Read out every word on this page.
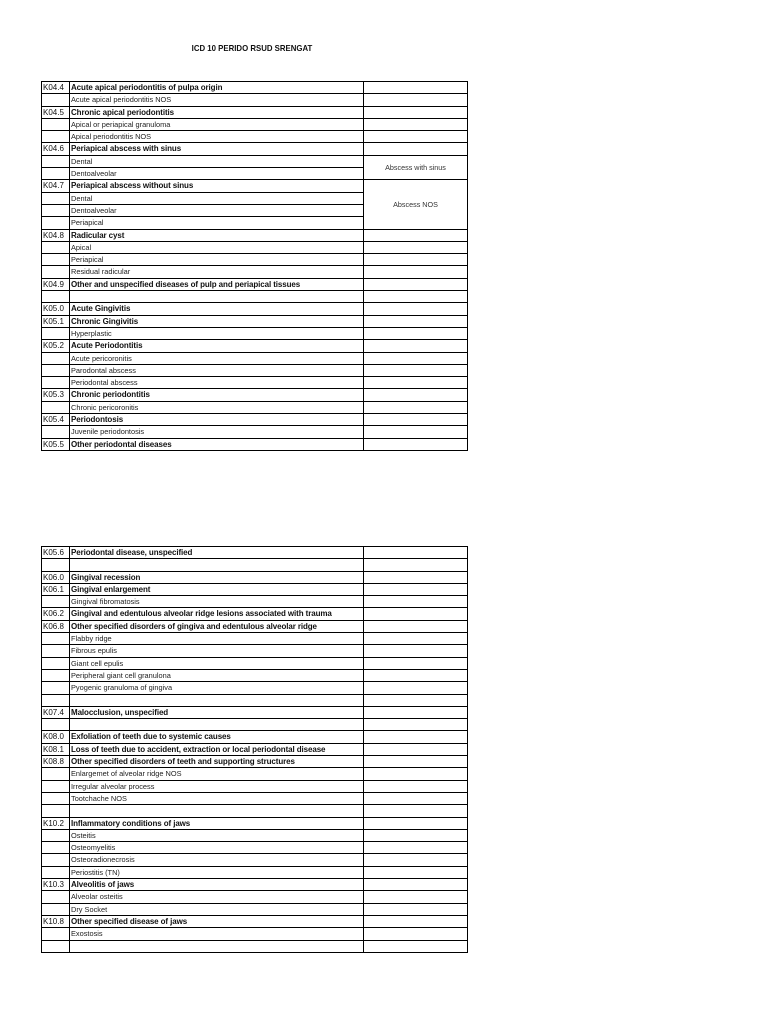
ICD 10 PERIDO RSUD SRENGAT
K04.4	Acute apical periodontitis of pulpa origin	
	Acute apical periodontitis NOS	
K04.5	Chronic apical periodontitis	
	Apical or periapical granuloma	
	Apical periodontitis NOS	
K04.6	Periapical abscess with sinus	
	Dental	Abscess with sinus
	Dentoalveolar	
K04.7	Periapical abscess without sinus	Abscess NOS
	Dental	
	Dentoalveolar	
	Periapical	
K04.8	Radicular cyst	
	Apical	
	Periapical	
	Residual radicular	
K04.9	Other and unspecified diseases of pulp and periapical tissues	

K05.0	Acute Gingivitis	
K05.1	Chronic Gingivitis	
	Hyperplastic	
K05.2	Acute Periodontitis	
	Acute pericoronitis	
	Parodontal abscess	
	Periodontal abscess	
K05.3	Chronic periodontitis	
	Chronic pericoronitis	
K05.4	Periodontosis	
	Juvenile periodontosis	
K05.5	Other periodontal diseases	
K05.6	Periodontal disease, unspecified	

K06.0	Gingival recession	
K06.1	Gingival enlargement	
	Gingival fibromatosis	
K06.2	Gingival and edentulous alveolar ridge lesions associated with trauma	
K06.8	Other specified disorders of gingiva and edentulous alveolar ridge	
	Flabby ridge	
	Fibrous epulis	
	Giant cell epulis	
	Peripheral giant cell granulona	
	Pyogenic granuloma of gingiva	

K07.4	Malocclusion, unspecified	

K08.0	Exfoliation of teeth due to systemic causes	
K08.1	Loss of teeth due to accident, extraction or local periodontal disease	
K08.8	Other specified disorders of teeth and supporting structures	
	Enlargemet of alveolar ridge NOS	
	Irregular alveolar process	
	Tootchache NOS	

K10.2	Inflammatory conditions of jaws	
	Osteitis	
	Osteomyelitis	
	Osteoradionecrosis	
	Periostitis (TN)	
K10.3	Alveolitis of jaws	
	Alveolar osteitis	
	Dry Socket	
K10.8	Other specified disease of jaws	
	Exostosis	
